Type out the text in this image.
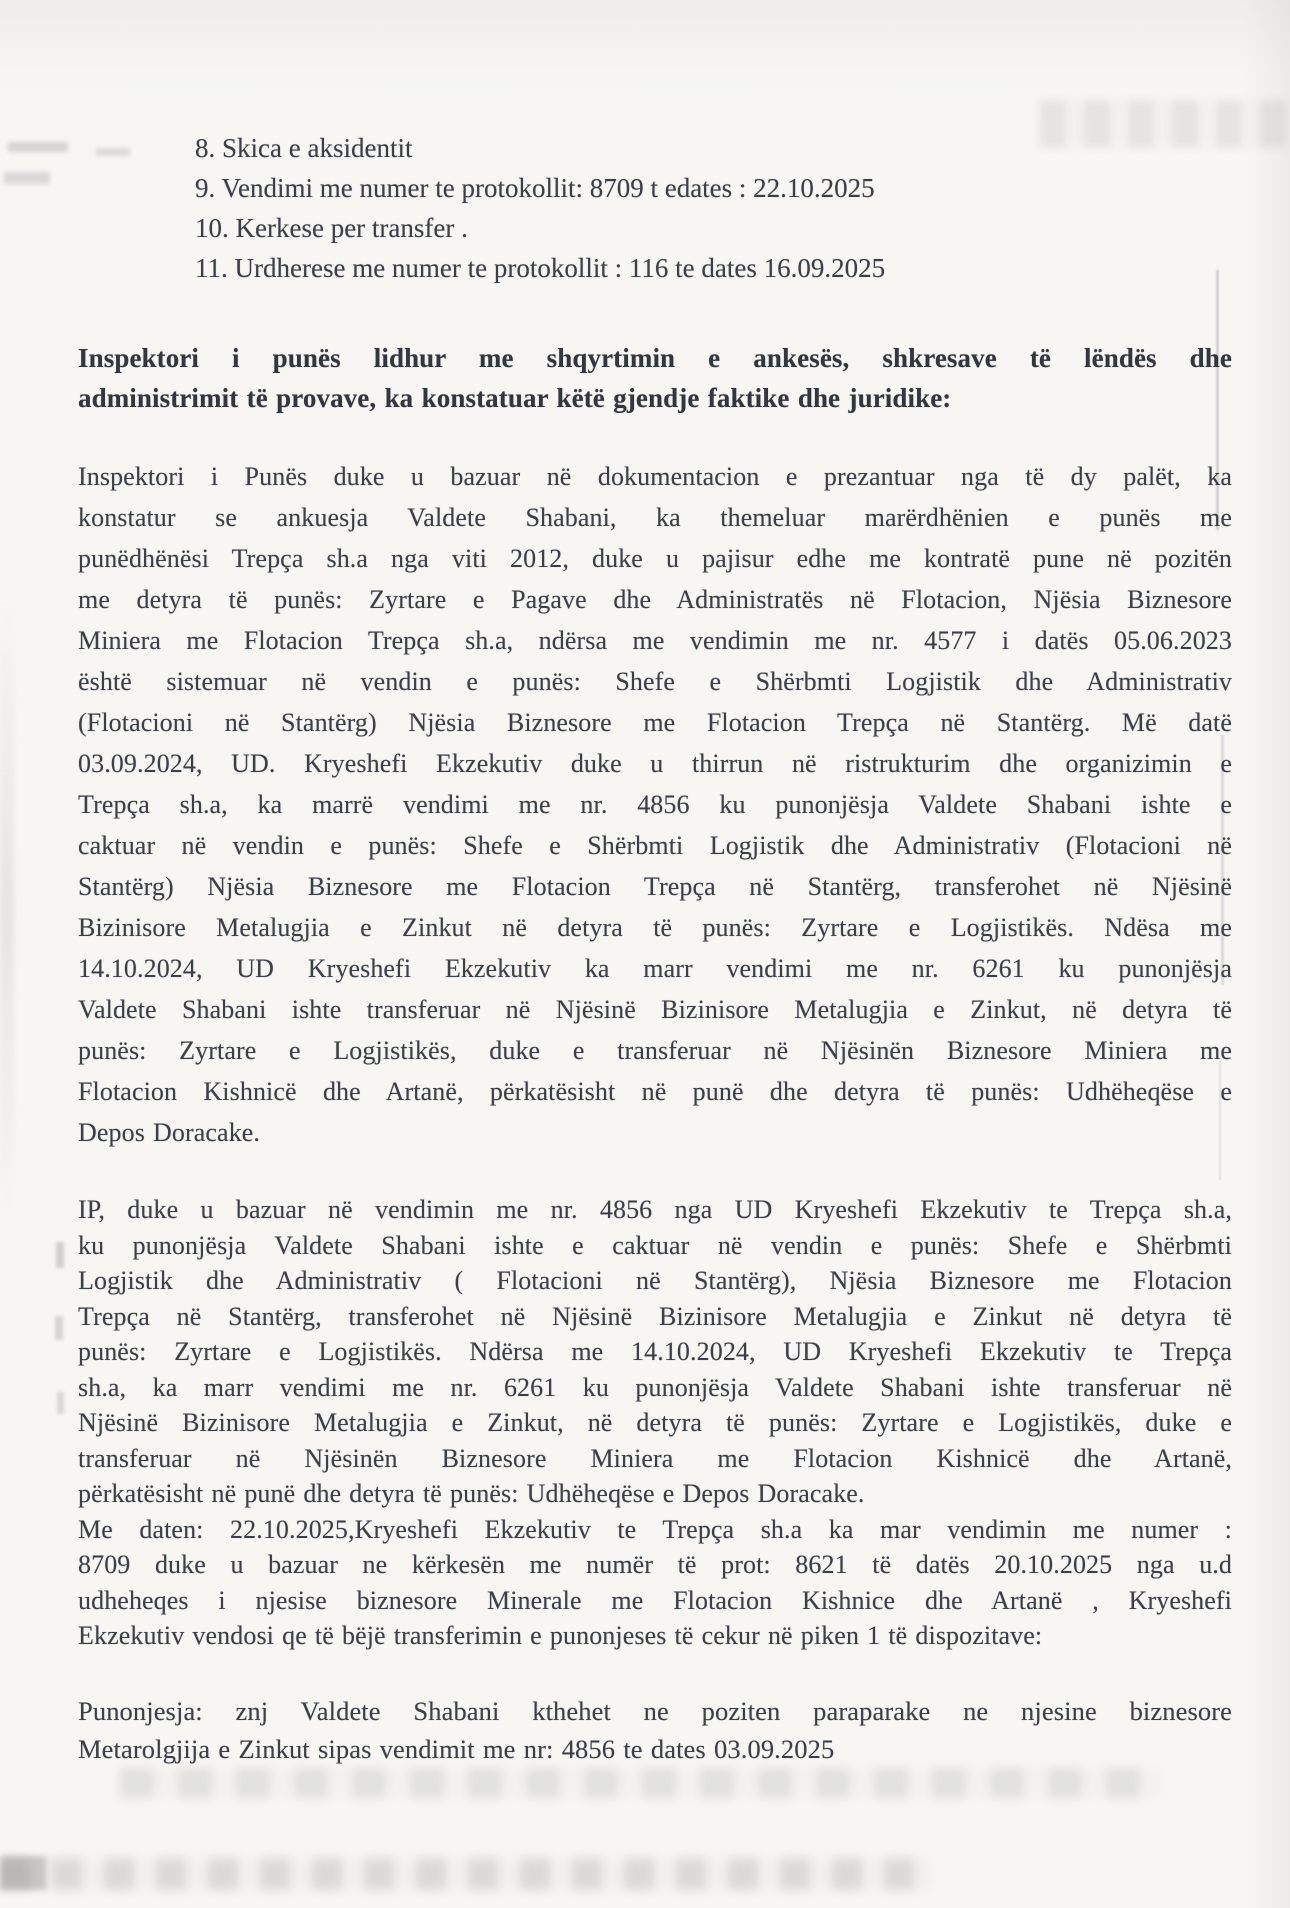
8. Skica e aksidentit
9. Vendimi me numer te protokollit: 8709 t edates : 22.10.2025
10. Kerkese per transfer .
11. Urdherese me numer te protokollit : 116 te dates 16.09.2025
Inspektori i punës lidhur me shqyrtimin e ankesës, shkresave të lëndës dhe
administrimit të provave, ka konstatuar këtë gjendje faktike dhe juridike:
Inspektori i Punës duke u bazuar në dokumentacion e prezantuar nga të dy palët, ka
konstatur se ankuesja Valdete Shabani, ka themeluar marërdhënien e punës me
punëdhënësi Trepça sh.a nga viti 2012, duke u pajisur edhe me kontratë pune në pozitën
me detyra të punës: Zyrtare e Pagave dhe Administratës në Flotacion, Njësia Biznesore
Miniera me Flotacion Trepça sh.a, ndërsa me vendimin me nr. 4577 i datës 05.06.2023
është sistemuar në vendin e punës: Shefe e Shërbmti Logjistik dhe Administrativ
(Flotacioni në Stantërg) Njësia Biznesore me Flotacion Trepça në Stantërg. Më datë
03.09.2024, UD. Kryeshefi Ekzekutiv duke u thirrun në ristrukturim dhe organizimin e
Trepça sh.a, ka marrë vendimi me nr. 4856 ku punonjësja Valdete Shabani ishte e
caktuar në vendin e punës: Shefe e Shërbmti Logjistik dhe Administrativ (Flotacioni në
Stantërg) Njësia Biznesore me Flotacion Trepça në Stantërg, transferohet në Njësinë
Bizinisore Metalugjia e Zinkut në detyra të punës: Zyrtare e Logjistikës. Ndësa me
14.10.2024, UD Kryeshefi Ekzekutiv ka marr vendimi me nr. 6261 ku punonjësja
Valdete Shabani ishte transferuar në Njësinë Bizinisore Metalugjia e Zinkut, në detyra të
punës: Zyrtare e Logjistikës, duke e transferuar në Njësinën Biznesore Miniera me
Flotacion Kishnicë dhe Artanë, përkatësisht në punë dhe detyra të punës: Udhëheqëse e
Depos Doracake.
IP, duke u bazuar në vendimin me nr. 4856 nga UD Kryeshefi Ekzekutiv te Trepça sh.a,
ku punonjësja Valdete Shabani ishte e caktuar në vendin e punës: Shefe e Shërbmti
Logjistik dhe Administrativ ( Flotacioni në Stantërg), Njësia Biznesore me Flotacion
Trepça në Stantërg, transferohet në Njësinë Bizinisore Metalugjia e Zinkut në detyra të
punës: Zyrtare e Logjistikës. Ndërsa me 14.10.2024, UD Kryeshefi Ekzekutiv te Trepça
sh.a, ka marr vendimi me nr. 6261 ku punonjësja Valdete Shabani ishte transferuar në
Njësinë Bizinisore Metalugjia e Zinkut, në detyra të punës: Zyrtare e Logjistikës, duke e
transferuar në Njësinën Biznesore Miniera me Flotacion Kishnicë dhe Artanë,
përkatësisht në punë dhe detyra të punës: Udhëheqëse e Depos Doracake.
Me daten: 22.10.2025,Kryeshefi Ekzekutiv te Trepça sh.a ka mar vendimin me numer :
8709 duke u bazuar ne kërkesën me numër të prot: 8621 të datës 20.10.2025 nga u.d
udheheqes i njesise biznesore Minerale me Flotacion Kishnice dhe Artanë , Kryeshefi
Ekzekutiv vendosi qe të bëjë transferimin e punonjeses të cekur në piken 1 të dispozitave:
Punonjesja: znj Valdete Shabani kthehet ne poziten paraparake ne njesine biznesore
Metarolgjija e Zinkut sipas vendimit me nr: 4856 te dates 03.09.2025
